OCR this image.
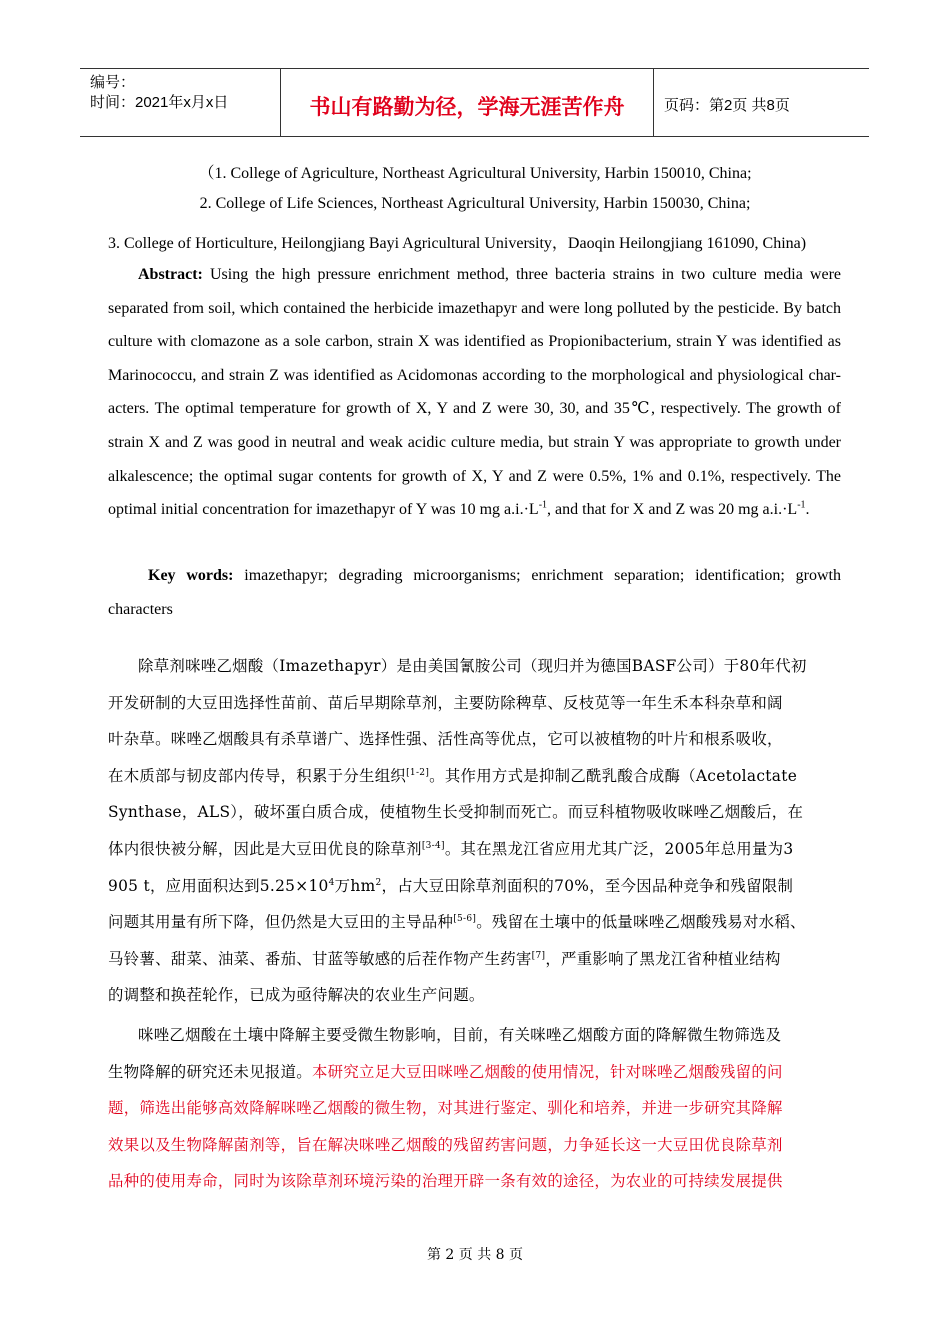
编号：
时间：2021年x月x日	书山有路勤为径，学海无涯苦作舟	页码：第2页 共8页
（1. College of Agriculture, Northeast Agricultural University, Harbin 150010, China;
2. College of Life Sciences, Northeast Agricultural University, Harbin 150030, China;
3. College of Horticulture, Heilongjiang Bayi Agricultural University，Daoqin Heilongjiang 161090, China)
Abstract: Using the high pressure enrichment method, three bacteria strains in two culture media were separated from soil, which contained the herbicide imazethapyr and were long polluted by the pesticide. By batch culture with clomazone as a sole carbon, strain X was identified as Propionibacterium, strain Y was identified as Marinococcu, and strain Z was identified as Acidomonas according to the morphological and physiological char-acters. The optimal temperature for growth of X, Y and Z were 30, 30, and 35℃, respectively. The growth of strain X and Z was good in neutral and weak acidic culture media, but strain Y was appropriate to growth under alkalescence; the optimal sugar contents for growth of X, Y and Z were 0.5%, 1% and 0.1%, respectively. The optimal initial concentration for imazethapyr of Y was 10 mg $a.i.\cdot L^{-1}$, and that for X and Z was 20 mg $a.i.\cdot L^{-1}$.
Key words: imazethapyr; degrading microorganisms; enrichment separation; identification; growth characters
除草剂咪唑乙烟酸（Imazethapyr）是由美国氰胺公司（现归并为德国BASF公司）于80年代初
开发研制的大豆田选择性苗前、苗后早期除草剂，主要防除稗草、反枝苋等一年生禾本科杂草和阔
叶杂草。咪唑乙烟酸具有杀草谱广、选择性强、活性高等优点，它可以被植物的叶片和根系吸收，
在木质部与韧皮部内传导，积累于分生组织[1-2]。其作用方式是抑制乙酰乳酸合成酶（Acetolactate
Synthase，ALS），破坏蛋白质合成，使植物生长受抑制而死亡。而豆科植物吸收咪唑乙烟酸后，在
体内很快被分解，因此是大豆田优良的除草剂[3-4]。其在黑龙江省应用尤其广泛，2005年总用量为3
905 t，应用面积达到$5.25\times 10^4$万$hm^2$，占大豆田除草剂面积的70%，至今因品种竞争和残留限制
问题其用量有所下降，但仍然是大豆田的主导品种[5-6]。残留在土壤中的低量咪唑乙烟酸残易对水稻、
马铃薯、甜菜、油菜、番茄、甘蓝等敏感的后茬作物产生药害[7]，严重影响了黑龙江省种植业结构
的调整和换茬轮作，已成为亟待解决的农业生产问题。
咪唑乙烟酸在土壤中降解主要受微生物影响，目前，有关咪唑乙烟酸方面的降解微生物筛选及
生物降解的研究还未见报道。本研究立足大豆田咪唑乙烟酸的使用情况，针对咪唑乙烟酸残留的问
题，筛选出能够高效降解咪唑乙烟酸的微生物，对其进行鉴定、驯化和培养，并进一步研究其降解
效果以及生物降解菌剂等，旨在解决咪唑乙烟酸的残留药害问题，力争延长这一大豆田优良除草剂
品种的使用寿命，同时为该除草剂环境污染的治理开辟一条有效的途径，为农业的可持续发展提供
第 2 页 共 8 页
